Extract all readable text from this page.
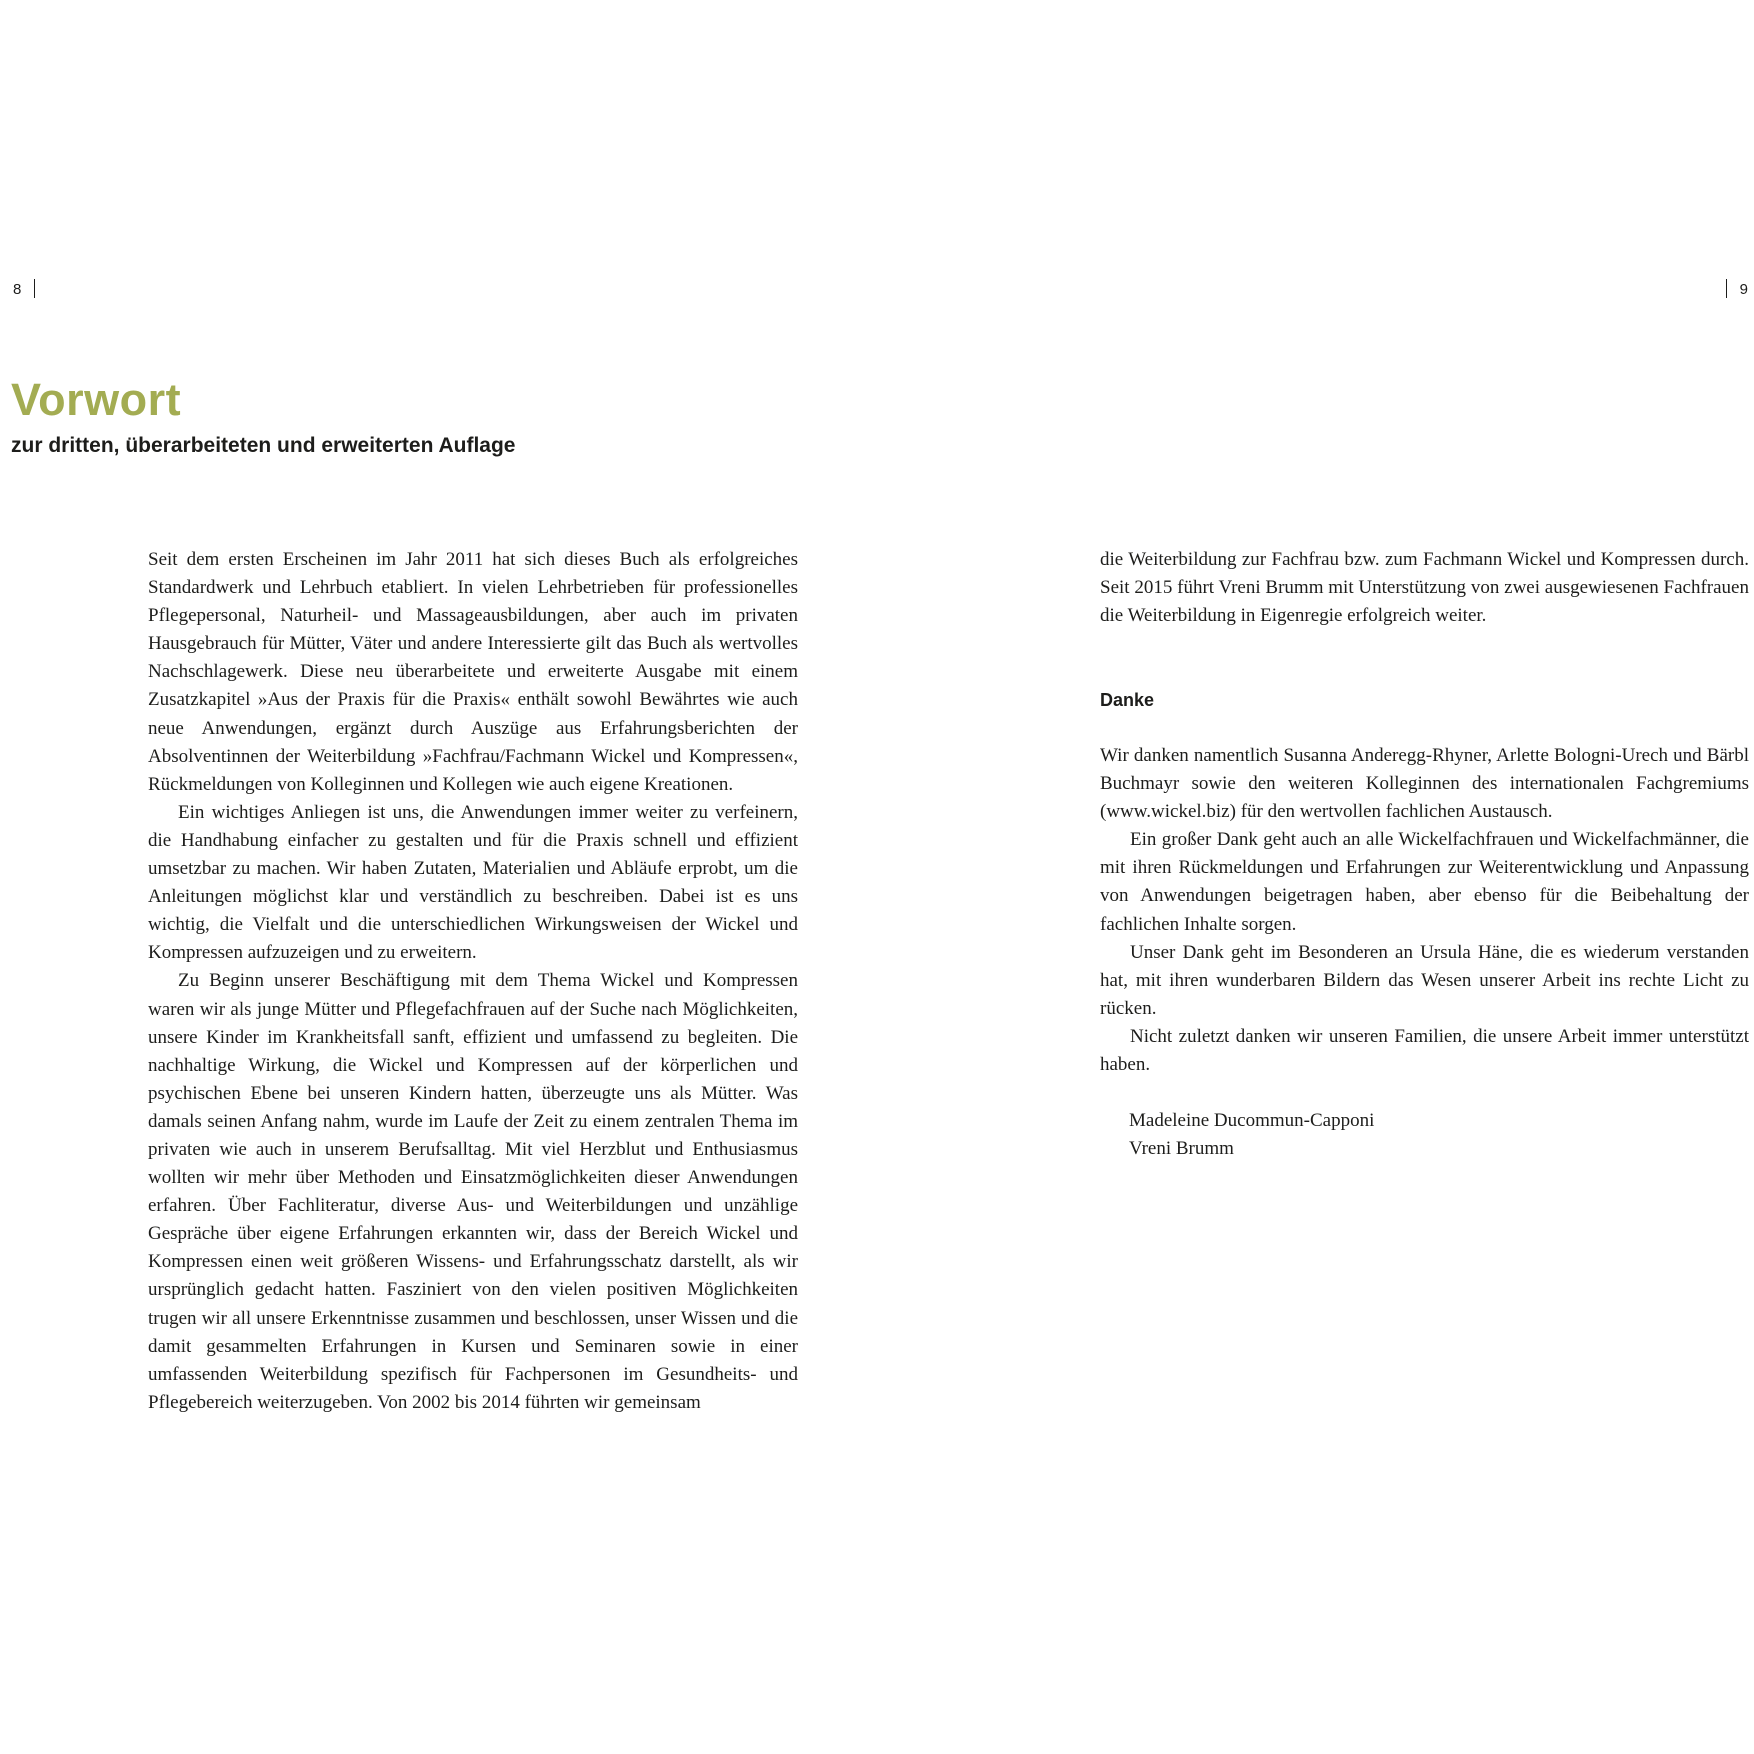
8	9
Vorwort
zur dritten, überarbeiteten und erweiterten Auflage

Seit dem ersten Erscheinen im Jahr 2011 hat sich dieses Buch als erfolgreiches Standardwerk und Lehrbuch etabliert. In vielen Lehrbetrieben für professionelles Pflegepersonal, Naturheil- und Massageausbildungen, aber auch im privaten Hausgebrauch für Mütter, Väter und andere Interessierte gilt das Buch als wertvolles Nachschlagewerk. Diese neu überarbeitete und erweiterte Ausgabe mit einem Zusatzkapitel »Aus der Praxis für die Praxis« enthält sowohl Bewährtes wie auch neue Anwendungen, ergänzt durch Auszüge aus Erfahrungsberichten der Absolventinnen der Weiterbildung »Fachfrau/Fachmann Wickel und Kompressen«, Rückmeldungen von Kolleginnen und Kollegen wie auch eigene Kreationen.

Ein wichtiges Anliegen ist uns, die Anwendungen immer weiter zu verfeinern, die Handhabung einfacher zu gestalten und für die Praxis schnell und effizient umsetzbar zu machen. Wir haben Zutaten, Materialien und Abläufe erprobt, um die Anleitungen möglichst klar und verständlich zu beschreiben. Dabei ist es uns wichtig, die Vielfalt und die unterschiedlichen Wirkungsweisen der Wickel und Kompressen aufzuzeigen und zu erweitern.

Zu Beginn unserer Beschäftigung mit dem Thema Wickel und Kompressen waren wir als junge Mütter und Pflegefachfrauen auf der Suche nach Möglichkeiten, unsere Kinder im Krankheitsfall sanft, effizient und umfassend zu begleiten. Die nachhaltige Wirkung, die Wickel und Kompressen auf der körperlichen und psychischen Ebene bei unseren Kindern hatten, überzeugte uns als Mütter. Was damals seinen Anfang nahm, wurde im Laufe der Zeit zu einem zentralen Thema im privaten wie auch in unserem Berufsalltag. Mit viel Herzblut und Enthusiasmus wollten wir mehr über Methoden und Einsatzmöglichkeiten dieser Anwendungen erfahren. Über Fachliteratur, diverse Aus- und Weiterbildungen und unzählige Gespräche über eigene Erfahrungen erkannten wir, dass der Bereich Wickel und Kompressen einen weit größeren Wissens- und Erfahrungsschatz darstellt, als wir ursprünglich gedacht hatten. Fasziniert von den vielen positiven Möglichkeiten trugen wir all unsere Erkenntnisse zusammen und beschlossen, unser Wissen und die damit gesammelten Erfahrungen in Kursen und Seminaren sowie in einer umfassenden Weiterbildung spezifisch für Fachpersonen im Gesundheits- und Pflegebereich weiterzugeben. Von 2002 bis 2014 führten wir gemeinsam

die Weiterbildung zur Fachfrau bzw. zum Fachmann Wickel und Kompressen durch. Seit 2015 führt Vreni Brumm mit Unterstützung von zwei ausgewiesenen Fachfrauen die Weiterbildung in Eigenregie erfolgreich weiter.

Danke

Wir danken namentlich Susanna Anderegg-Rhyner, Arlette Bologni-Urech und Bärbl Buchmayr sowie den weiteren Kolleginnen des internationalen Fachgremiums (www.wickel.biz) für den wertvollen fachlichen Austausch.

Ein großer Dank geht auch an alle Wickelfachfrauen und Wickelfachmänner, die mit ihren Rückmeldungen und Erfahrungen zur Weiterentwicklung und Anpassung von Anwendungen beigetragen haben, aber ebenso für die Beibehaltung der fachlichen Inhalte sorgen.

Unser Dank geht im Besonderen an Ursula Häne, die es wiederum verstanden hat, mit ihren wunderbaren Bildern das Wesen unserer Arbeit ins rechte Licht zu rücken.

Nicht zuletzt danken wir unseren Familien, die unsere Arbeit immer unterstützt haben.

Madeleine Ducommun-Capponi
Vreni Brumm
